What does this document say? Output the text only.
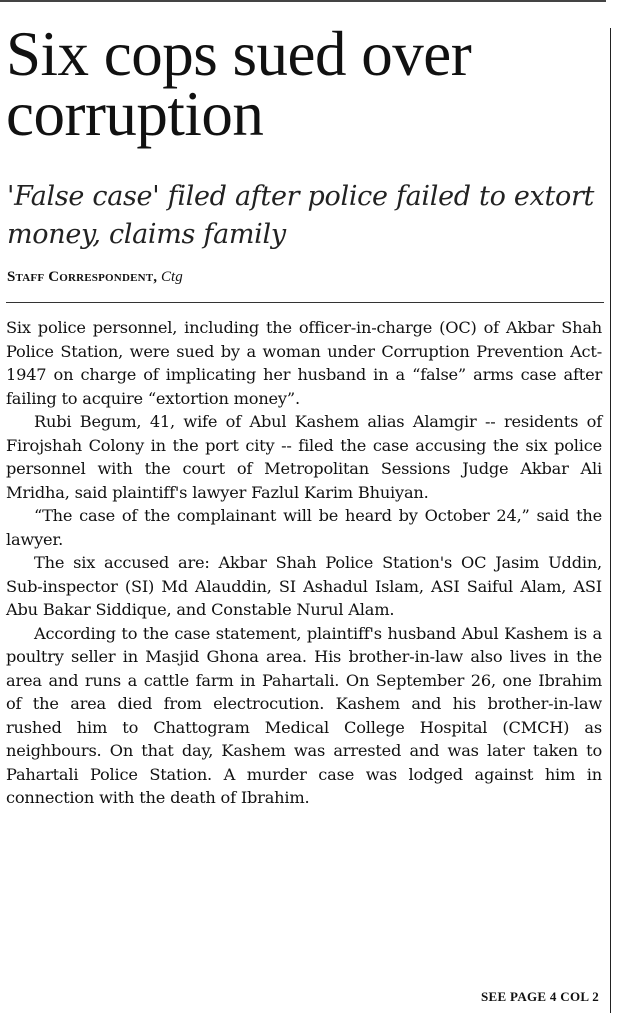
Six cops sued over corruption
'False case' filed after police failed to extort money, claims family
Staff Correspondent, Ctg

Six police personnel, including the officer-in-charge (OC) of Akbar Shah Police Station, were sued by a woman under Corruption Prevention Act-1947 on charge of implicating her husband in a “false” arms case after failing to acquire “extortion money”.

Rubi Begum, 41, wife of Abul Kashem alias Alamgir -- residents of Firojshah Colony in the port city -- filed the case accusing the six police personnel with the court of Metropolitan Sessions Judge Akbar Ali Mridha, said plaintiff's lawyer Fazlul Karim Bhuiyan.

“The case of the complainant will be heard by October 24,” said the lawyer.

The six accused are: Akbar Shah Police Station's OC Jasim Uddin, Sub-inspector (SI) Md Alauddin, SI Ashadul Islam, ASI Saiful Alam, ASI Abu Bakar Siddique, and Constable Nurul Alam.

According to the case statement, plaintiff's husband Abul Kashem is a poultry seller in Masjid Ghona area. His brother-in-law also lives in the area and runs a cattle farm in Pahartali. On September 26, one Ibrahim of the area died from electrocution. Kashem and his brother-in-law rushed him to Chattogram Medical College Hospital (CMCH) as neighbours. On that day, Kashem was arrested and was later taken to Pahartali Police Station. A murder case was lodged against him in connection with the death of Ibrahim.

SEE PAGE 4 COL 2
